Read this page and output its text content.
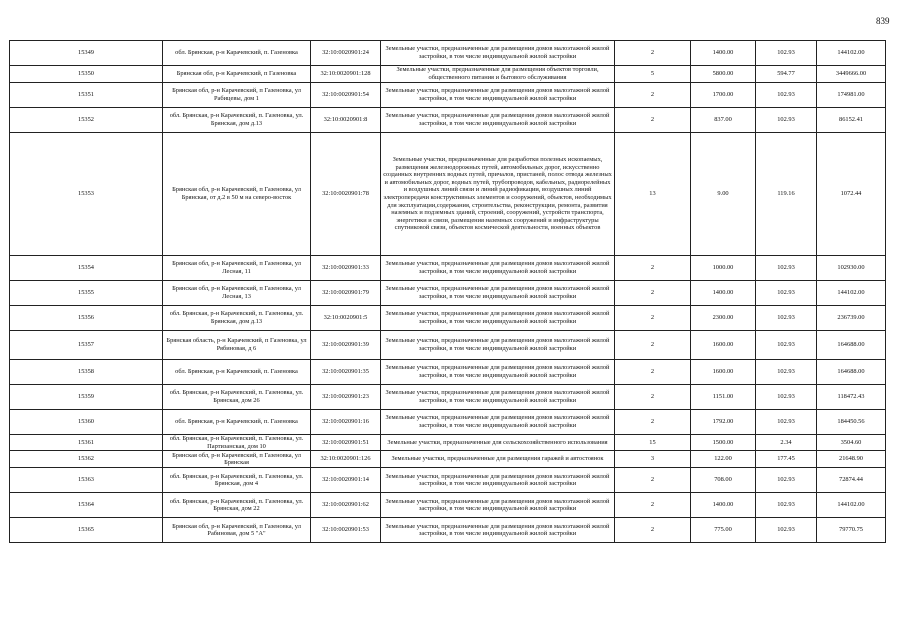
839
15349	обл. Брянская, р-н Карачевский, п. Газеновка	32:10:0020901:24	Земельные участки, предназначенные для размещения домов малоэтажной жилой застройки, в том числе индивидуальной жилой застройки	2	1400.00	102.93	144102.00
15350	Брянская обл, р-н Карачевский, п Газеновка	32:10:0020901:128	Земельные участки, предназначенные для размещения объектов торговли, общественного питания и бытового обслуживания	5	5800.00	594.77	3449666.00
15351	Брянская обл, р-н Карачевский, п Газеновка, ул Рабицевы, дом 1	32:10:0020901:54	Земельные участки, предназначенные для размещения домов малоэтажной жилой застройки, в том числе индивидуальной жилой застройки	2	1700.00	102.93	174981.00
15352	обл. Брянская, р-н Карачевский, п. Газеновка, ул. Брянская, дом д.13	32:10:0020901:8	Земельные участки, предназначенные для размещения домов малоэтажной жилой застройки, в том числе индивидуальной жилой застройки	2	837.00	102.93	86152.41
15353	Брянская обл, р-н Карачевский, п Газеновка, ул Брянская, от д.2 в 50 м на северо-восток	32:10:0020901:78	Земельные участки, предназначенные для разработки полезных ископаемых, размещения железнодорожных путей, автомобильных дорог, искусственно созданных внутренних водных путей, причалов, пристаней, полос отвода железных и автомобильных дорог, водных путей, трубопроводов, кабельных, радиорелейных и воздушных линий связи и линий радиофикации, воздушных линий электропередачи конструктивных элементов и сооружений, объектов, необходимых для эксплуатации,содержания, строительства, реконструкции, ремонта, развития наземных и подземных зданий, строений, сооружений, устройств транспорта, энергетики и связи, размещения наземных сооружений и инфраструктуры спутниковой связи, объектов космической деятельности, военных объектов	13	9.00	119.16	1072.44
15354	Брянская обл, р-н Карачевский, п Газеновка, ул Лесная, 11	32:10:0020901:33	Земельные участки, предназначенные для размещения домов малоэтажной жилой застройки, в том числе индивидуальной жилой застройки	2	1000.00	102.93	102930.00
15355	Брянская обл, р-н Карачевский, п Газеновка, ул Лесная, 13	32:10:0020901:79	Земельные участки, предназначенные для размещения домов малоэтажной жилой застройки, в том числе индивидуальной жилой застройки	2	1400.00	102.93	144102.00
15356	обл. Брянская, р-н Карачевский, п. Газеновка, ул. Брянская, дом д.13	32:10:0020901:5	Земельные участки, предназначенные для размещения домов малоэтажной жилой застройки, в том числе индивидуальной жилой застройки	2	2300.00	102.93	236739.00
15357	Брянская область, р-н Карачевский, п Газеновка, ул Рябиновая, д 6	32:10:0020901:39	Земельные участки, предназначенные для размещения домов малоэтажной жилой застройки, в том числе индивидуальной жилой застройки	2	1600.00	102.93	164688.00
15358	обл. Брянская, р-н Карачевский, п. Газеновка	32:10:0020901:35	Земельные участки, предназначенные для размещения домов малоэтажной жилой застройки, в том числе индивидуальной жилой застройки	2	1600.00	102.93	164688.00
15359	обл. Брянская, р-н Карачевский, п. Газеновка, ул. Брянская, дом 26	32:10:0020901:23	Земельные участки, предназначенные для размещения домов малоэтажной жилой застройки, в том числе индивидуальной жилой застройки	2	1151.00	102.93	118472.43
15360	обл. Брянская, р-н Карачевский, п. Газеновка	32:10:0020901:16	Земельные участки, предназначенные для размещения домов малоэтажной жилой застройки, в том числе индивидуальной жилой застройки	2	1792.00	102.93	184450.56
15361	обл. Брянская, р-н Карачевский, п. Газеновка, ул. Партизанская, дом 10	32:10:0020901:51	Земельные участки, предназначенные для сельскохозяйственного использования	15	1500.00	2.34	3504.60
15362	Брянская обл, р-н Карачевский, п Газеновка, ул Брянская	32:10:0020901:126	Земельные участки, предназначенные для размещения гаражей и автостоянок	3	122.00	177.45	21648.90
15363	обл. Брянская, р-н Карачевский, п. Газеновка, ул. Брянская, дом 4	32:10:0020901:14	Земельные участки, предназначенные для размещения домов малоэтажной жилой застройки, в том числе индивидуальной жилой застройки	2	708.00	102.93	72874.44
15364	обл. Брянская, р-н Карачевский, п. Газеновка, ул. Брянская, дом 22	32:10:0020901:62	Земельные участки, предназначенные для размещения домов малоэтажной жилой застройки, в том числе индивидуальной жилой застройки	2	1400.00	102.93	144102.00
15365	Брянская обл, р-н Карачевский, п Газеновка, ул Рабиновая, дом 5 "А"	32:10:0020901:53	Земельные участки, предназначенные для размещения домов малоэтажной жилой застройки, в том числе индивидуальной жилой застройки	2	775.00	102.93	79770.75
